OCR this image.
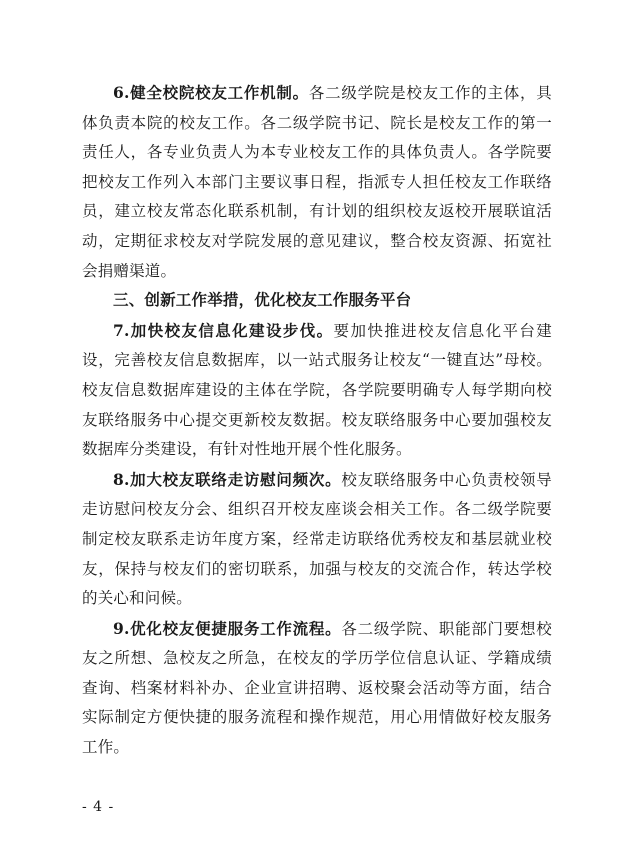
6.健全校院校友工作机制。各二级学院是校友工作的主体，具体负责本院的校友工作。各二级学院书记、院长是校友工作的第一责任人，各专业负责人为本专业校友工作的具体负责人。各学院要把校友工作列入本部门主要议事日程，指派专人担任校友工作联络员，建立校友常态化联系机制，有计划的组织校友返校开展联谊活动，定期征求校友对学院发展的意见建议，整合校友资源、拓宽社会捐赠渠道。

三、创新工作举措，优化校友工作服务平台

7.加快校友信息化建设步伐。要加快推进校友信息化平台建设，完善校友信息数据库，以一站式服务让校友“一键直达”母校。校友信息数据库建设的主体在学院，各学院要明确专人每学期向校友联络服务中心提交更新校友数据。校友联络服务中心要加强校友数据库分类建设，有针对性地开展个性化服务。

8.加大校友联络走访慰问频次。校友联络服务中心负责校领导走访慰问校友分会、组织召开校友座谈会相关工作。各二级学院要制定校友联系走访年度方案，经常走访联络优秀校友和基层就业校友，保持与校友们的密切联系，加强与校友的交流合作，转达学校的关心和问候。

9.优化校友便捷服务工作流程。各二级学院、职能部门要想校友之所想、急校友之所急，在校友的学历学位信息认证、学籍成绩查询、档案材料补办、企业宣讲招聘、返校聚会活动等方面，结合实际制定方便快捷的服务流程和操作规范，用心用情做好校友服务工作。

- 4 -
